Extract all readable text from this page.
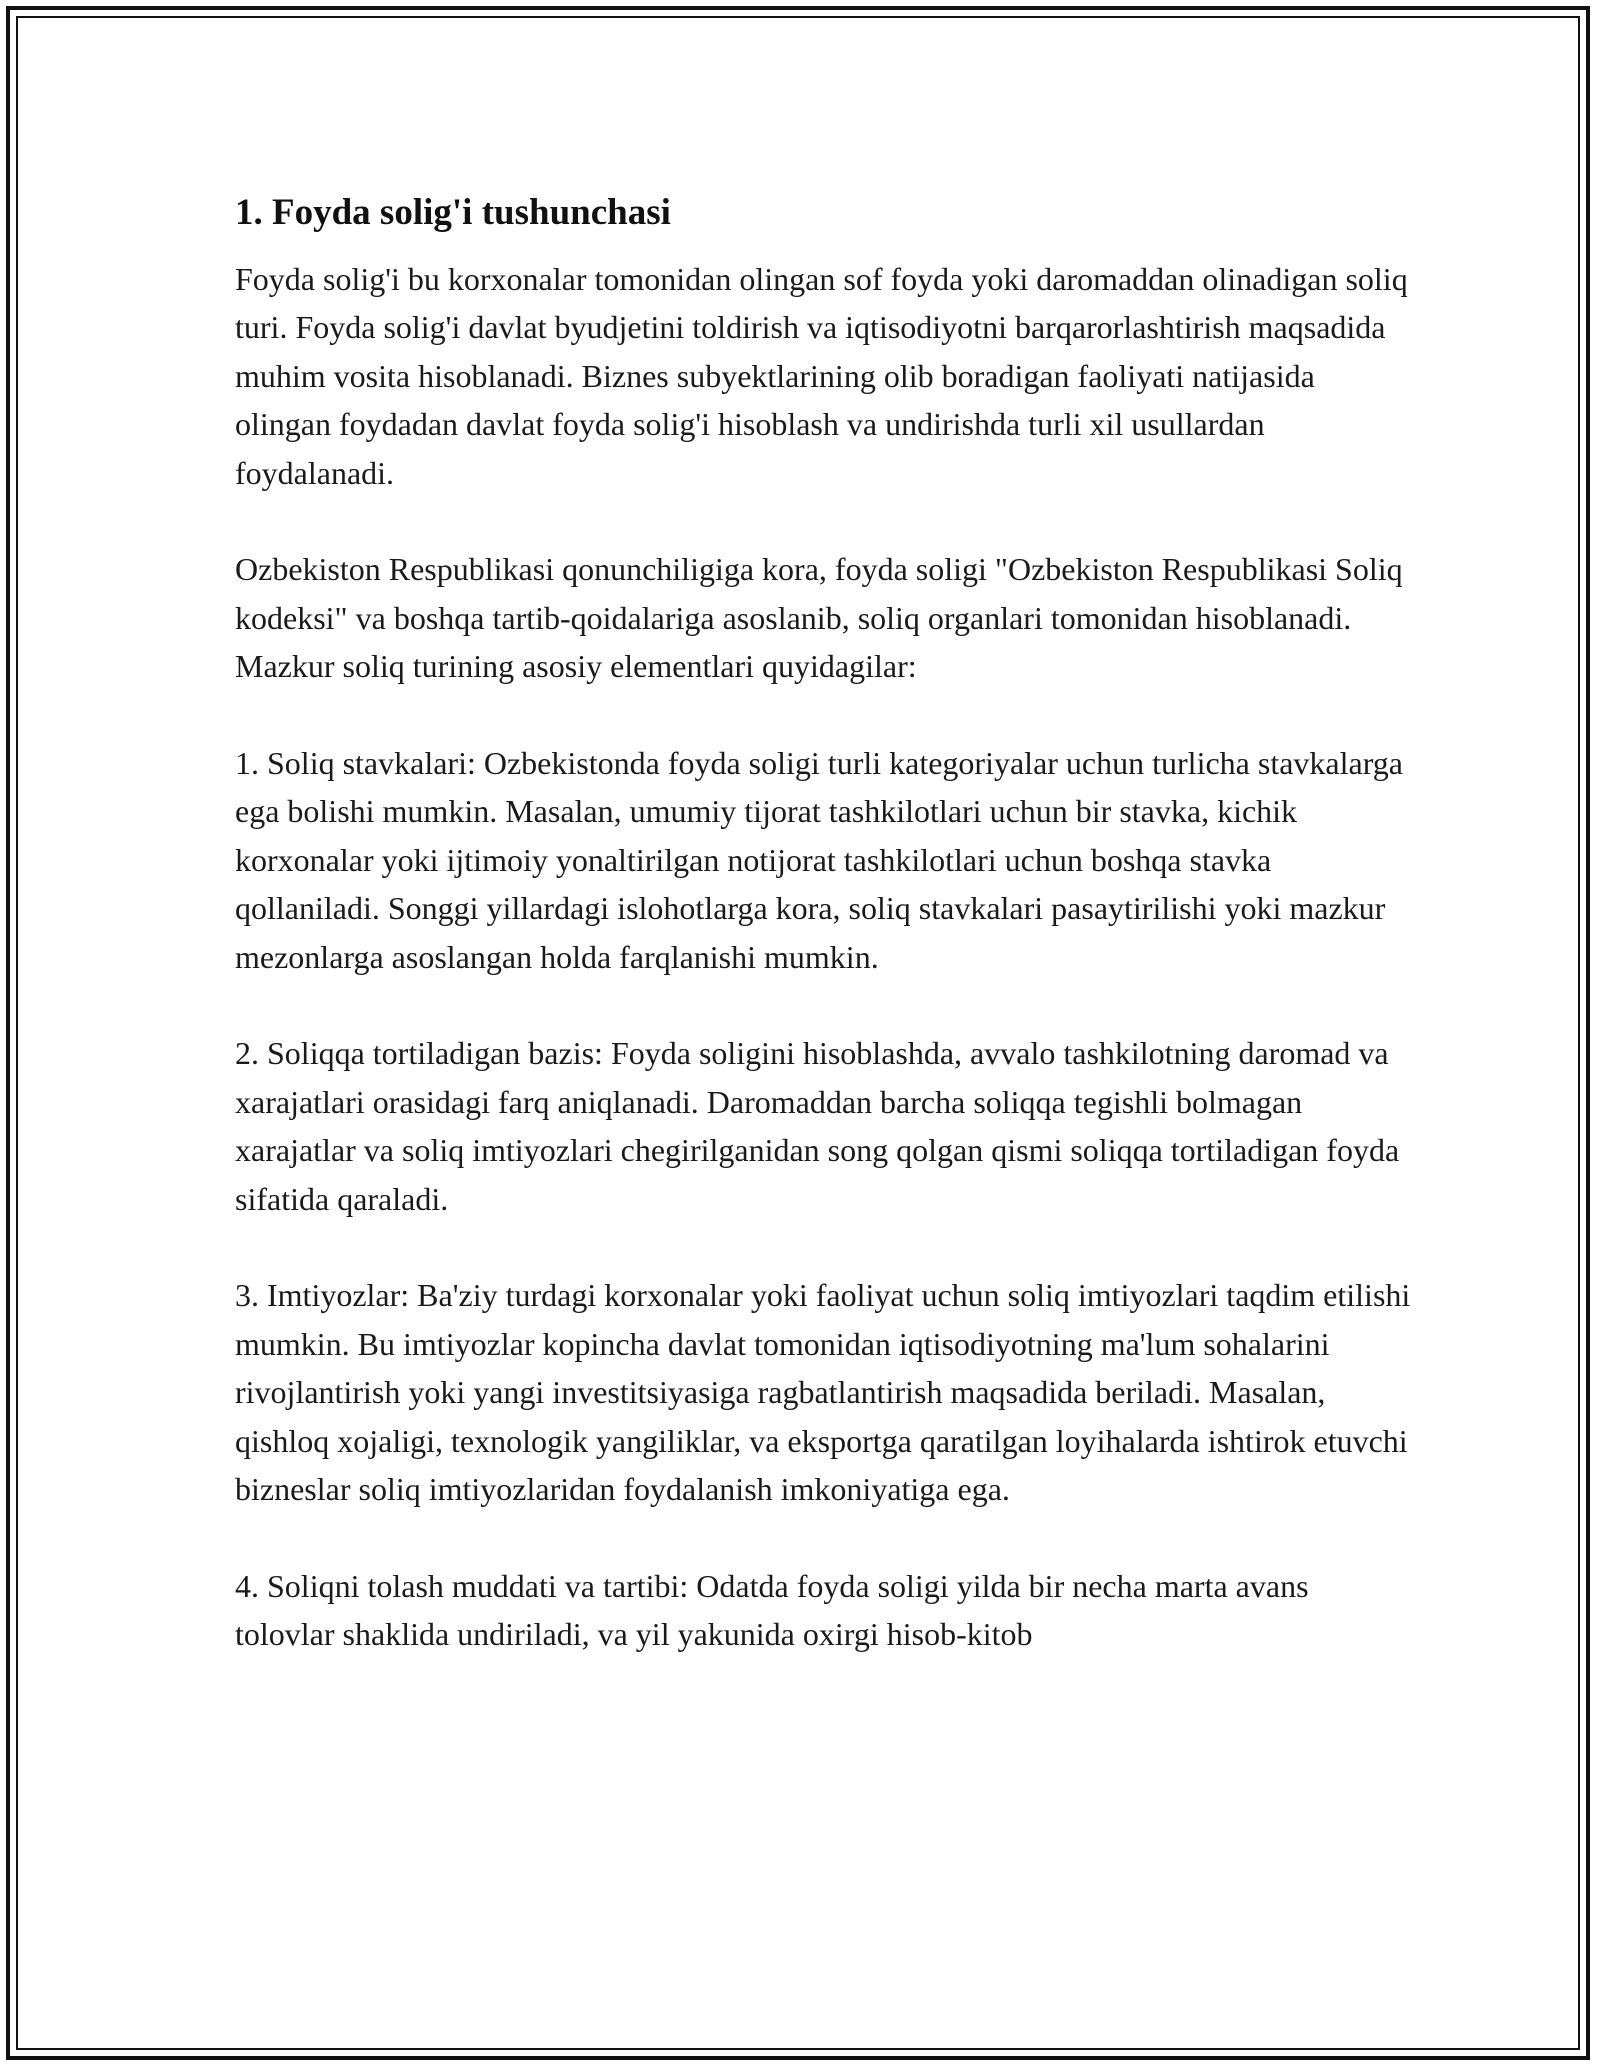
1. Foyda solig'i tushunchasi

Foyda solig'i bu korxonalar tomonidan olingan sof foyda yoki daromaddan olinadigan soliq turi. Foyda solig'i davlat byudjetini toldirish va iqtisodiyotni barqarorlashtirish maqsadida muhim vosita hisoblanadi. Biznes subyektlarining olib boradigan faoliyati natijasida olingan foydadan davlat foyda solig'i hisoblash va undirishda turli xil usullardan foydalanadi.

Ozbekiston Respublikasi qonunchiligiga kora, foyda soligi "Ozbekiston Respublikasi Soliq kodeksi" va boshqa tartib-qoidalariga asoslanib, soliq organlari tomonidan hisoblanadi. Mazkur soliq turining asosiy elementlari quyidagilar:

1. Soliq stavkalari: Ozbekistonda foyda soligi turli kategoriyalar uchun turlicha stavkalarga ega bolishi mumkin. Masalan, umumiy tijorat tashkilotlari uchun bir stavka, kichik korxonalar yoki ijtimoiy yonaltirilgan notijorat tashkilotlari uchun boshqa stavka qollaniladi. Songgi yillardagi islohotlarga kora, soliq stavkalari pasaytirilishi yoki mazkur mezonlarga asoslangan holda farqlanishi mumkin.

2. Soliqqa tortiladigan bazis: Foyda soligini hisoblashda, avvalo tashkilotning daromad va xarajatlari orasidagi farq aniqlanadi. Daromaddan barcha soliqqa tegishli bolmagan xarajatlar va soliq imtiyozlari chegirilganidan song qolgan qismi soliqqa tortiladigan foyda sifatida qaraladi.

3. Imtiyozlar: Ba'ziy turdagi korxonalar yoki faoliyat uchun soliq imtiyozlari taqdim etilishi mumkin. Bu imtiyozlar kopincha davlat tomonidan iqtisodiyotning ma'lum sohalarini rivojlantirish yoki yangi investitsiyasiga ragbatlantirish maqsadida beriladi. Masalan, qishloq xojaligi, texnologik yangiliklar, va eksportga qaratilgan loyihalarda ishtirok etuvchi bizneslar soliq imtiyozlaridan foydalanish imkoniyatiga ega.

4. Soliqni tolash muddati va tartibi: Odatda foyda soligi yilda bir necha marta avans tolovlar shaklida undiriladi, va yil yakunida oxirgi hisob-kitob
